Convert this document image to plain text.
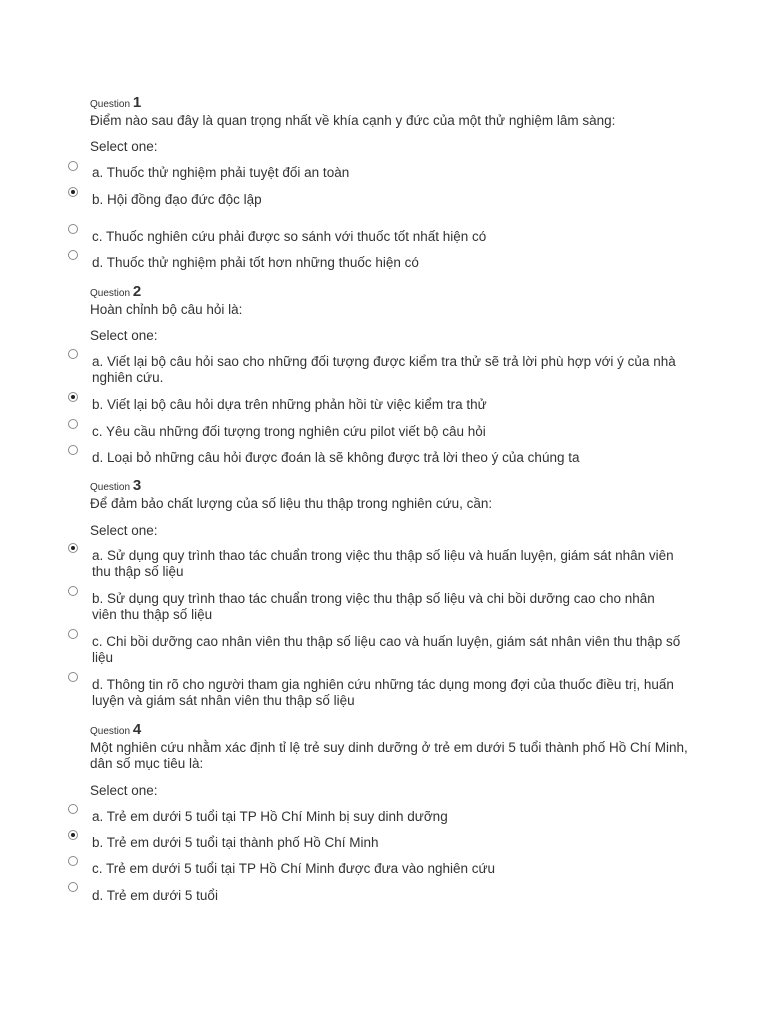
Question 1
Điểm nào sau đây là quan trọng nhất về khía cạnh y đức của một thử nghiệm lâm sàng:
Select one:
a. Thuốc thử nghiệm phải tuyệt đối an toàn
b. Hội đồng đạo đức độc lập
c. Thuốc nghiên cứu phải được so sánh với thuốc tốt nhất hiện có
d. Thuốc thử nghiệm phải tốt hơn những thuốc hiện có
Question 2
Hoàn chỉnh bộ câu hỏi là:
Select one:
a. Viết lại bộ câu hỏi sao cho những đối tượng được kiểm tra thử sẽ trả lời phù hợp với ý của nhà nghiên cứu.
b. Viết lại bộ câu hỏi dựa trên những phản hồi từ việc kiểm tra thử
c. Yêu cầu những đối tượng trong nghiên cứu pilot viết bộ câu hỏi
d. Loại bỏ những câu hỏi được đoán là sẽ không được trả lời theo ý của chúng ta
Question 3
Để đảm bảo chất lượng của số liệu thu thập trong nghiên cứu, cần:
Select one:
a. Sử dụng quy trình thao tác chuẩn trong việc thu thập số liệu và huấn luyện, giám sát nhân viên thu thập số liệu
b. Sử dụng quy trình thao tác chuẩn trong việc thu thập số liệu và chi bồi dưỡng cao cho nhân viên thu thập số liệu
c. Chi bồi dưỡng cao nhân viên thu thập số liệu cao và huấn luyện, giám sát nhân viên thu thập số liệu
d. Thông tin rõ cho người tham gia nghiên cứu những tác dụng mong đợi của thuốc điều trị, huấn luyện và giám sát nhân viên thu thập số liệu
Question 4
Một nghiên cứu nhằm xác định tỉ lệ trẻ suy dinh dưỡng ở trẻ em dưới 5 tuổi thành phố Hồ Chí Minh, dân số mục tiêu là:
Select one:
a. Trẻ em dưới 5 tuổi tại TP Hồ Chí Minh bị suy dinh dưỡng
b. Trẻ em dưới 5 tuổi tại thành phố Hồ Chí Minh
c. Trẻ em dưới 5 tuổi tại TP Hồ Chí Minh được đưa vào nghiên cứu
d. Trẻ em dưới 5 tuổi
